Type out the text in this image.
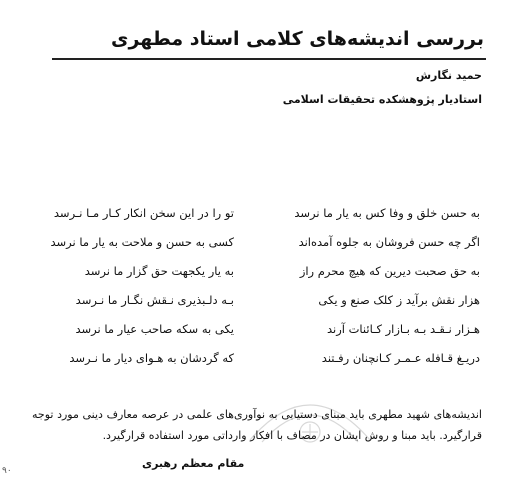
بررسی اندیشه‌های کلامی استاد مطهری
حمید نگارش
استادیار پژوهشکده تحقیقات اسلامی
به حسن خلق و وفا کس به یار ما نرسد
اگر چه حسن فروشان به جلوه آمده‌اند
به حق صحبت دیرین که هیچ محرم راز
هزار نقش برآید ز کلک صنع و یکی
هـزار نـقـد بـه بـازار کـائنات آرند
دریـغ قـافله عـمـر کـانچنان رفـتند
تو را در این سخن انکار کـار مـا نـرسد
کسی به حسن و ملاحت به یار ما نرسد
به یار یکجهت حق گزار ما نرسد
بـه دلـبذیری نـقش نگـار ما نـرسد
یکی به سکه صاحب عیار ما نرسد
که گردشان به هـوای دیار ما نـرسد
اندیشه‌های شهید مطهری باید مبنای دستیابی به نوآوری‌های علمی در عرصه معارف دینی مورد توجه قرارگیرد. باید مبنا و روش ایشان در مصاف با افکار وارداتی مورد استفاده قرارگیرد.
مقام معظم رهبری
٩٠
